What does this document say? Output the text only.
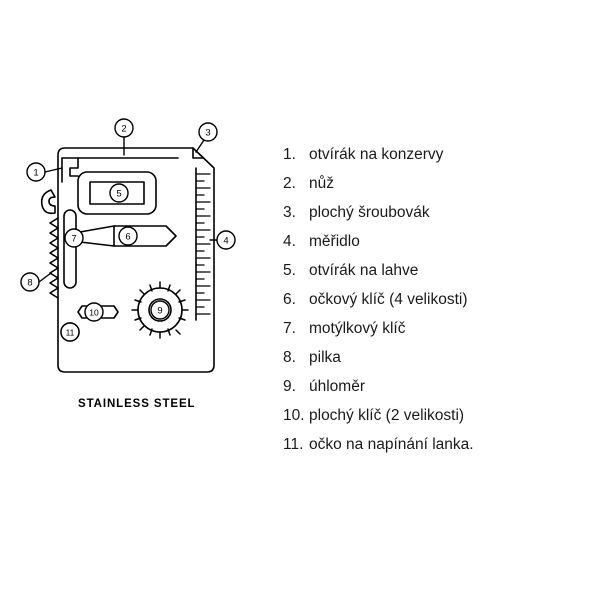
2	3
1
4
5
7	6
8
9
10
11
STAINLESS STEEL
1. otvírák na konzervy
2. nůž
3. plochý šroubovák
4. měřidlo
5. otvírák na lahve
6. očkový klíč (4 velikosti)
7. motýlkový klíč
8. pilka
9. úhloměr
10. plochý klíč (2 velikosti)
11. očko na napínání lanka.
